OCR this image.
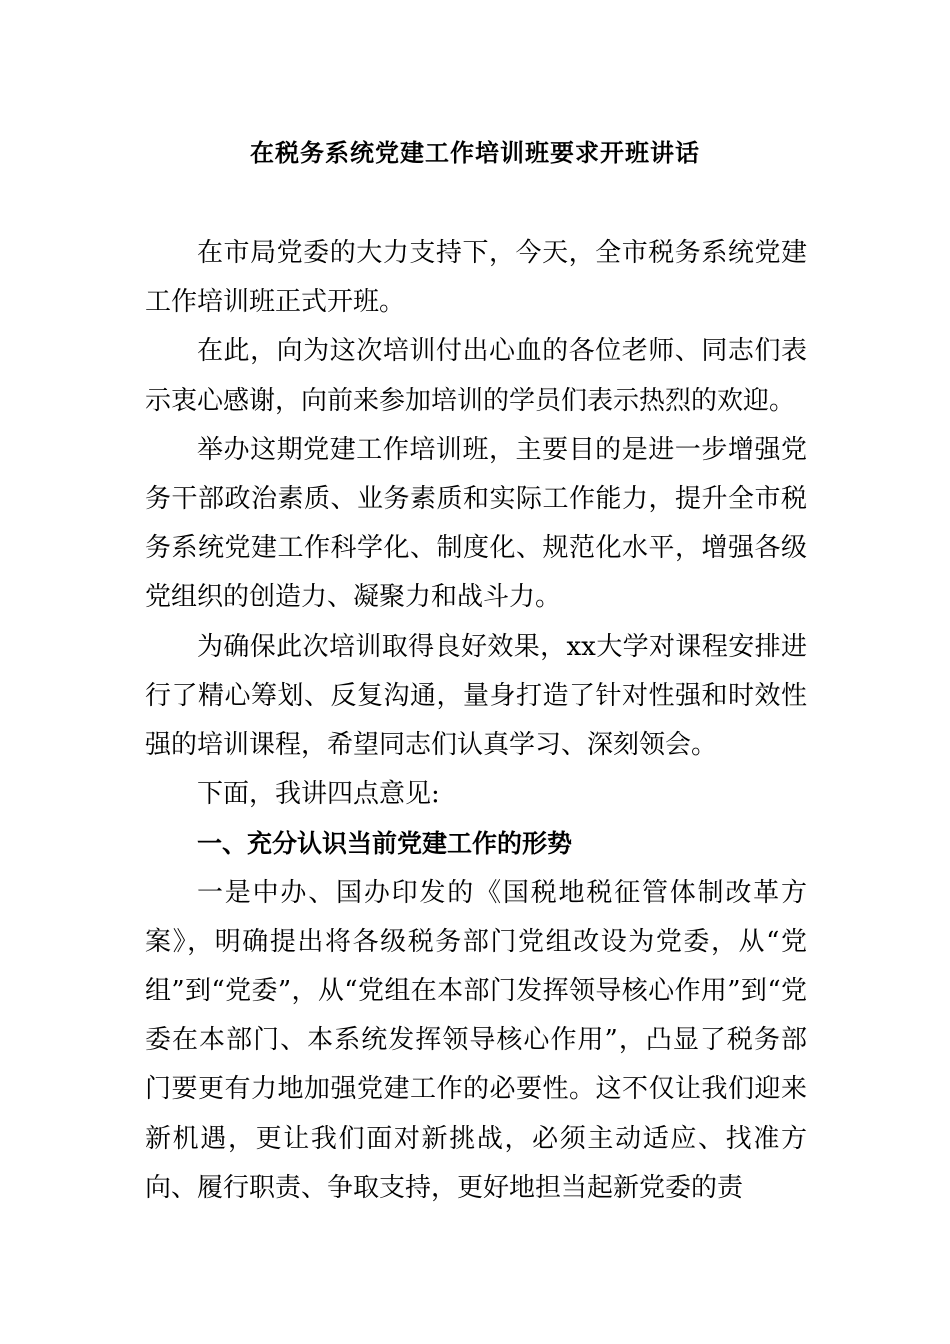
在税务系统党建工作培训班要求开班讲话

在市局党委的大力支持下，今天，全市税务系统党建工作培训班正式开班。

在此，向为这次培训付出心血的各位老师、同志们表示衷心感谢，向前来参加培训的学员们表示热烈的欢迎。

举办这期党建工作培训班，主要目的是进一步增强党务干部政治素质、业务素质和实际工作能力，提升全市税务系统党建工作科学化、制度化、规范化水平，增强各级党组织的创造力、凝聚力和战斗力。

为确保此次培训取得良好效果，xx大学对课程安排进行了精心筹划、反复沟通，量身打造了针对性强和时效性强的培训课程，希望同志们认真学习、深刻领会。

下面，我讲四点意见:

一、充分认识当前党建工作的形势

一是中办、国办印发的《国税地税征管体制改革方案》，明确提出将各级税务部门党组改设为党委，从“党组”到“党委”，从“党组在本部门发挥领导核心作用”到“党委在本部门、本系统发挥领导核心作用”，凸显了税务部门要更有力地加强党建工作的必要性。这不仅让我们迎来新机遇，更让我们面对新挑战，必须主动适应、找准方向、履行职责、争取支持，更好地担当起新党委的责
